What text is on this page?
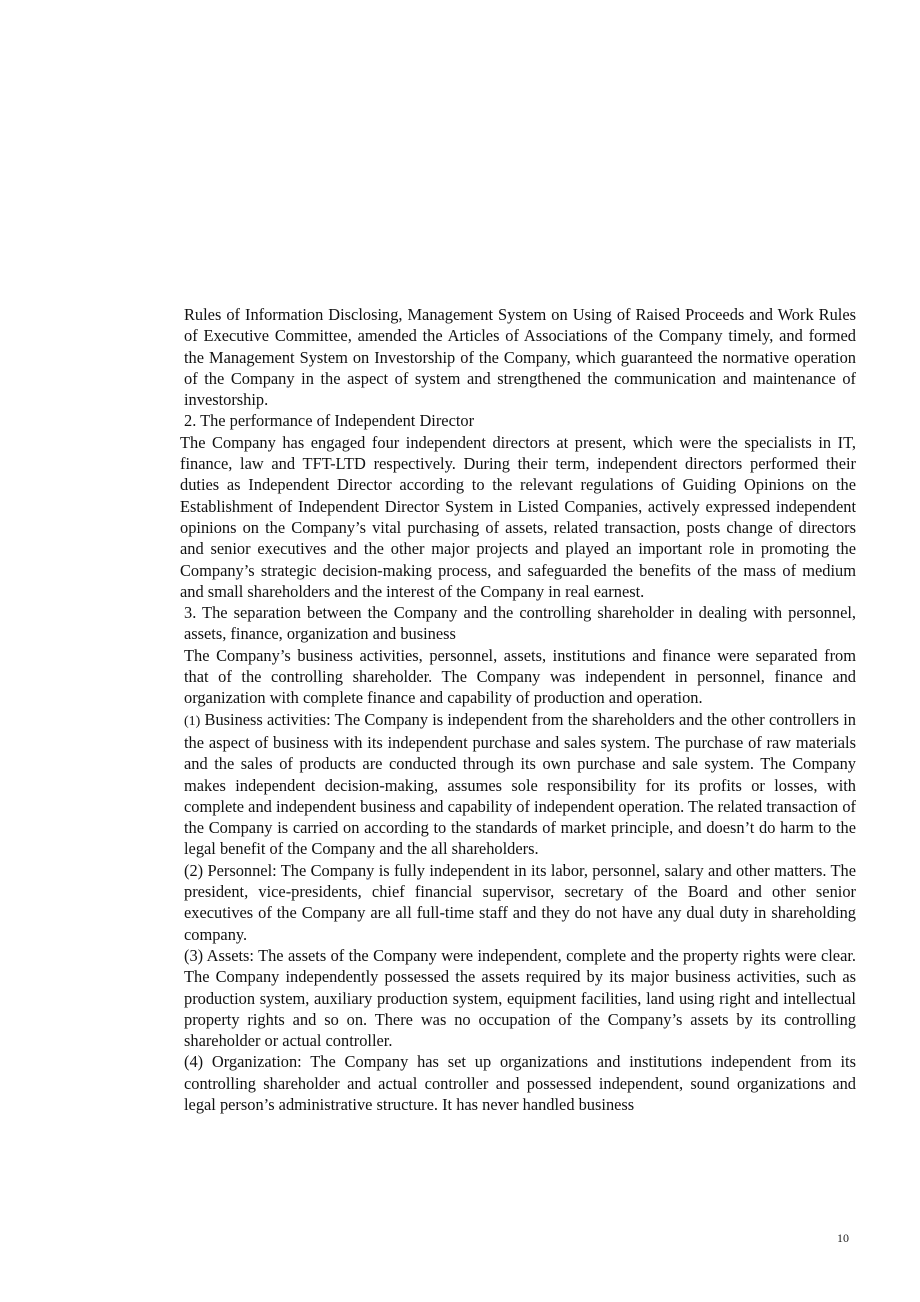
Rules of Information Disclosing, Management System on Using of Raised Proceeds and Work Rules of Executive Committee, amended the Articles of Associations of the Company timely, and formed the Management System on Investorship of the Company, which guaranteed the normative operation of the Company in the aspect of system and strengthened the communication and maintenance of investorship.

2. The performance of Independent Director

The Company has engaged four independent directors at present, which were the specialists in IT, finance, law and TFT-LTD respectively. During their term, independent directors performed their duties as Independent Director according to the relevant regulations of Guiding Opinions on the Establishment of Independent Director System in Listed Companies, actively expressed independent opinions on the Company’s vital purchasing of assets, related transaction, posts change of directors and senior executives and the other major projects and played an important role in promoting the Company’s strategic decision-making process, and safeguarded the benefits of the mass of medium and small shareholders and the interest of the Company in real earnest.

3. The separation between the Company and the controlling shareholder in dealing with personnel, assets, finance, organization and business

The Company’s business activities, personnel, assets, institutions and finance were separated from that of the controlling shareholder. The Company was independent in personnel, finance and organization with complete finance and capability of production and operation.

(1) Business activities: The Company is independent from the shareholders and the other controllers in the aspect of business with its independent purchase and sales system. The purchase of raw materials and the sales of products are conducted through its own purchase and sale system. The Company makes independent decision-making, assumes sole responsibility for its profits or losses, with complete and independent business and capability of independent operation. The related transaction of the Company is carried on according to the standards of market principle, and doesn’t do harm to the legal benefit of the Company and the all shareholders.

(2) Personnel: The Company is fully independent in its labor, personnel, salary and other matters. The president, vice-presidents, chief financial supervisor, secretary of the Board and other senior executives of the Company are all full-time staff and they do not have any dual duty in shareholding company.

(3) Assets: The assets of the Company were independent, complete and the property rights were clear. The Company independently possessed the assets required by its major business activities, such as production system, auxiliary production system, equipment facilities, land using right and intellectual property rights and so on. There was no occupation of the Company’s assets by its controlling shareholder or actual controller.

(4) Organization: The Company has set up organizations and institutions independent from its controlling shareholder and actual controller and possessed independent, sound organizations and legal person’s administrative structure. It has never handled business

10
